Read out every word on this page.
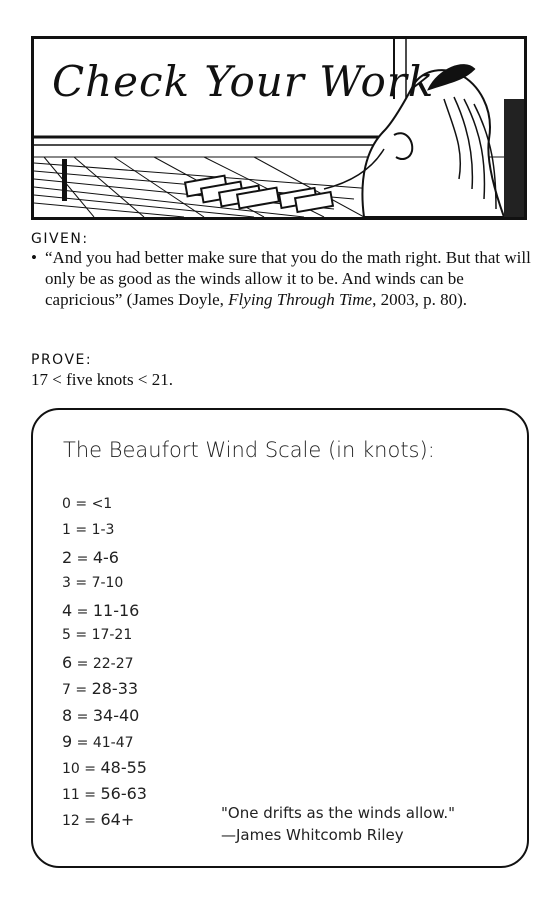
Check Your Work
GIVEN:
• “And you had better make sure that you do the math right. But that will only be as good as the winds allow it to be. And winds can be capricious” (James Doyle, Flying Through Time, 2003, p. 80).
PROVE:
17 < five knots < 21.
The Beaufort Wind Scale (in knots):
0 = <1
1 = 1-3
2 = 4-6
3 = 7-10
4 = 11-16
5 = 17-21
6 = 22-27
7 = 28-33
8 = 34-40
9 = 41-47
10 = 48-55
11 = 56-63
12 = 64+	"One drifts as the winds allow."
—James Whitcomb Riley
